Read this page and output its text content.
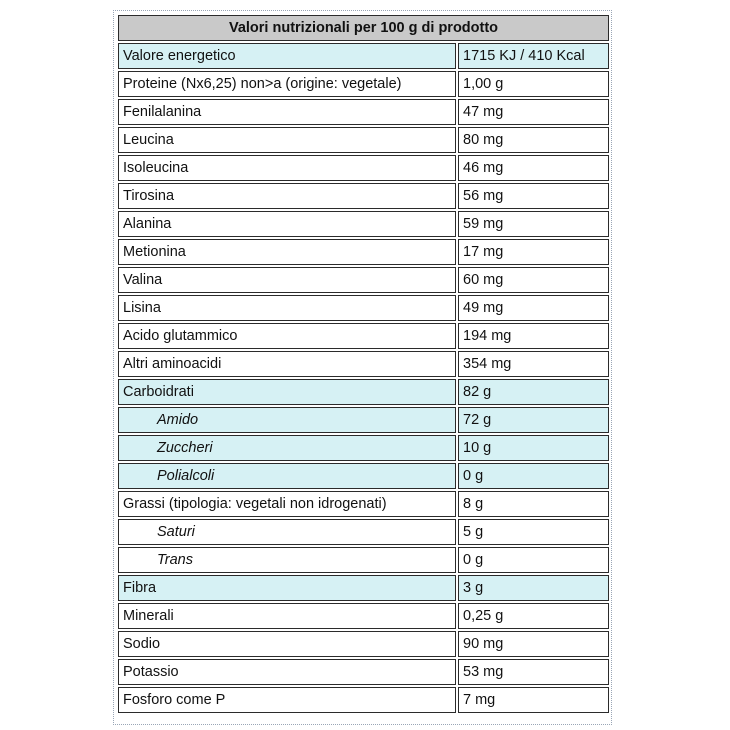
Valori nutrizionali per 100 g di prodotto	
Valore energetico	1715 KJ / 410 Kcal
Proteine (Nx6,25) non>a (origine: vegetale)	1,00 g
Fenilalanina	47 mg
Leucina	80 mg
Isoleucina	46 mg
Tirosina	56 mg
Alanina	59 mg
Metionina	17 mg
Valina	60 mg
Lisina	49 mg
Acido glutammico	194 mg
Altri aminoacidi	354 mg
Carboidrati	82 g
Amido	72 g
Zuccheri	10 g
Polialcoli	0 g
Grassi (tipologia: vegetali non idrogenati)	8 g
Saturi	5 g
Trans	0 g
Fibra	3 g
Minerali	0,25 g
Sodio	90 mg
Potassio	53 mg
Fosforo come P	7 mg
